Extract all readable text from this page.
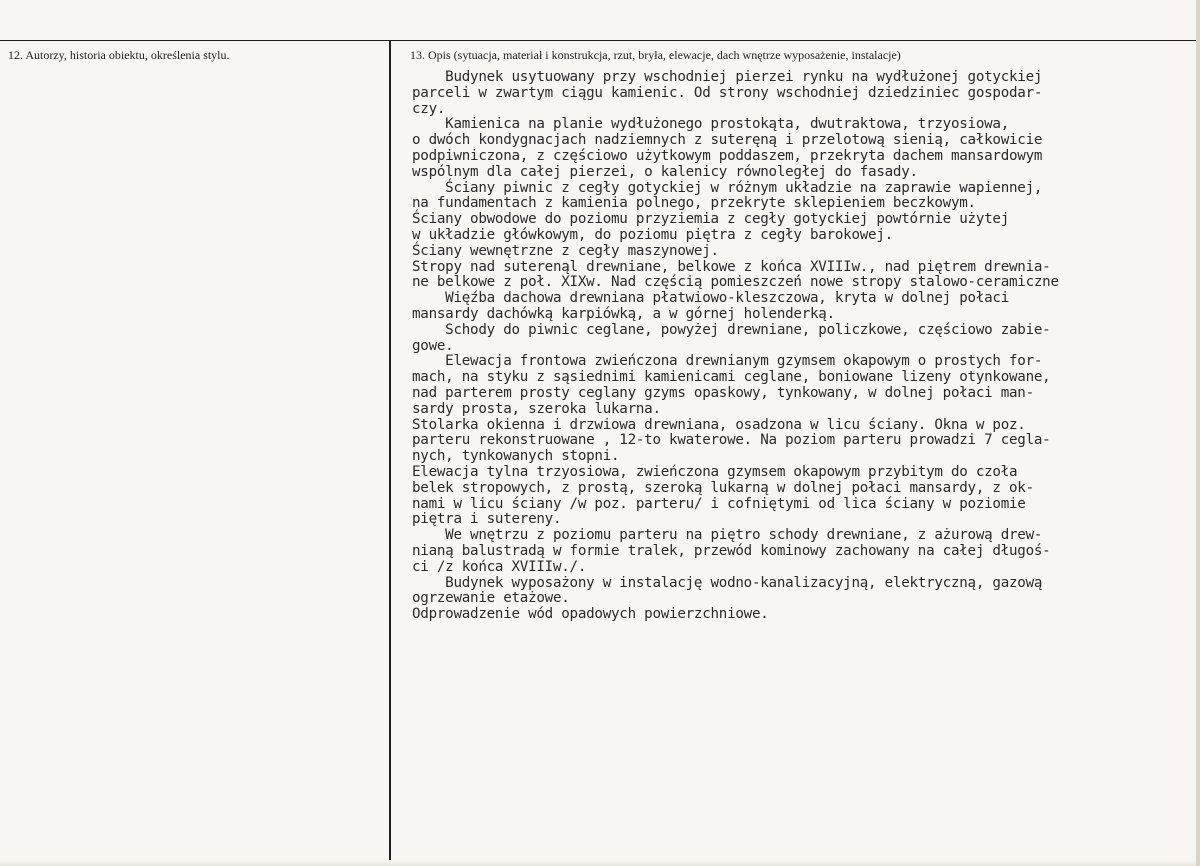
12. Autorzy, historia obiektu, określenia stylu.	13. Opis (sytuacja, materiał i konstrukcja, rzut, bryła, elewacje, dach wnętrze wyposażenie, instalacje)
Budynek usytuowany przy wschodniej pierzei rynku na wydłużonej gotyckiej
parceli w zwartym ciągu kamienic. Od strony wschodniej dziedziniec gospodar-
czy.
Kamienica na planie wydłużonego prostokąta, dwutraktowa, trzyosiowa,
o dwóch kondygnacjach nadziemnych z suteręną i przelotową sienią, całkowicie
podpiwniczona, z częściowo użytkowym poddaszem, przekryta dachem mansardowym
wspólnym dla całej pierzei, o kalenicy równoległej do fasady.
Ściany piwnic z cegły gotyckiej w różnym układzie na zaprawie wapiennej,
na fundamentach z kamienia polnego, przekryte sklepieniem beczkowym.
Ściany obwodowe do poziomu przyziemia z cegły gotyckiej powtórnie użytej
w układzie główkowym, do poziomu piętra z cegły barokowej.
Ściany wewnętrzne z cegły maszynowej.
Stropy nad suterenąl drewniane, belkowe z końca XVIIIw., nad piętrem drewnia-
ne belkowe z poł. XIXw. Nad częścią pomieszczeń nowe stropy stalowo-ceramiczne
Więźba dachowa drewniana płatwiowo-kleszczowa, kryta w dolnej połaci
mansardy dachówką karpiówką, a w górnej holenderką.
Schody do piwnic ceglane, powyżej drewniane, policzkowe, częściowo zabie-
gowe.
Elewacja frontowa zwieńczona drewnianym gzymsem okapowym o prostych for-
mach, na styku z sąsiednimi kamienicami ceglane, boniowane lizeny otynkowane,
nad parterem prosty ceglany gzyms opaskowy, tynkowany, w dolnej połaci man-
sardy prosta, szeroka lukarna.
Stolarka okienna i drzwiowa drewniana, osadzona w licu ściany. Okna w poz.
parteru rekonstruowane , 12-to kwaterowe. Na poziom parteru prowadzi 7 cegla-
nych, tynkowanych stopni.
Elewacja tylna trzyosiowa, zwieńczona gzymsem okapowym przybitym do czoła
belek stropowych, z prostą, szeroką lukarną w dolnej połaci mansardy, z ok-
nami w licu ściany /w poz. parteru/ i cofniętymi od lica ściany w poziomie
piętra i sutereny.
We wnętrzu z poziomu parteru na piętro schody drewniane, z ażurową drew-
nianą balustradą w formie tralek, przewód kominowy zachowany na całej długoś-
ci /z końca XVIIIw./.
Budynek wyposażony w instalację wodno-kanalizacyjną, elektryczną, gazową
ogrzewanie etażowe.
Odprowadzenie wód opadowych powierzchniowe.
